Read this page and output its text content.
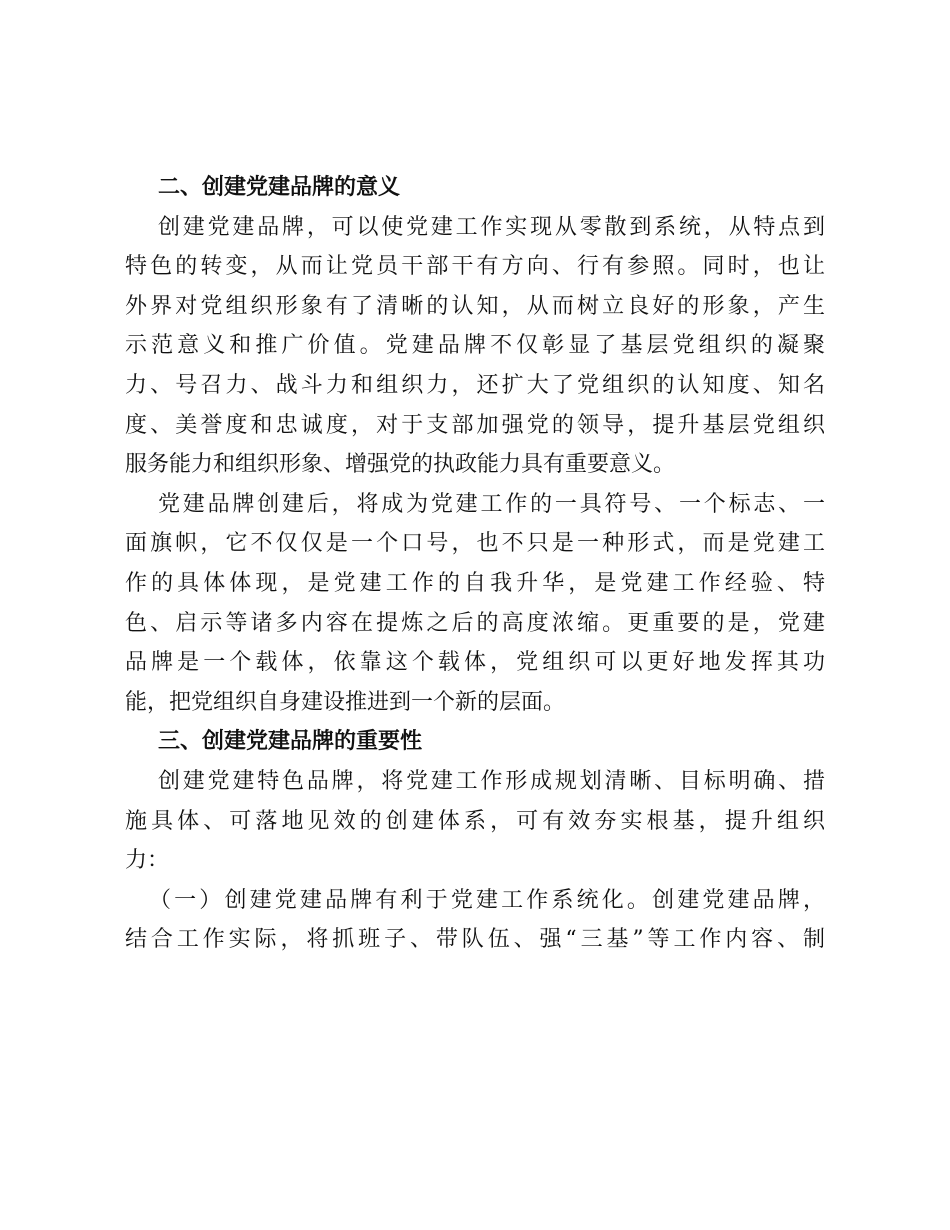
二、创建党建品牌的意义
创建党建品牌，可以使党建工作实现从零散到系统，从特点到
特色的转变，从而让党员干部干有方向、行有参照。同时，也让
外界对党组织形象有了清晰的认知，从而树立良好的形象，产生
示范意义和推广价值。党建品牌不仅彰显了基层党组织的凝聚
力、号召力、战斗力和组织力，还扩大了党组织的认知度、知名
度、美誉度和忠诚度，对于支部加强党的领导，提升基层党组织
服务能力和组织形象、增强党的执政能力具有重要意义。
党建品牌创建后，将成为党建工作的一具符号、一个标志、一
面旗帜，它不仅仅是一个口号，也不只是一种形式，而是党建工
作的具体体现，是党建工作的自我升华，是党建工作经验、特
色、启示等诸多内容在提炼之后的高度浓缩。更重要的是，党建
品牌是一个载体，依靠这个载体，党组织可以更好地发挥其功
能，把党组织自身建设推进到一个新的层面。
三、创建党建品牌的重要性
创建党建特色品牌，将党建工作形成规划清晰、目标明确、措
施具体、可落地见效的创建体系，可有效夯实根基，提升组织
力：
（一）创建党建品牌有利于党建工作系统化。创建党建品牌，
结合工作实际，将抓班子、带队伍、强“三基”等工作内容、制
